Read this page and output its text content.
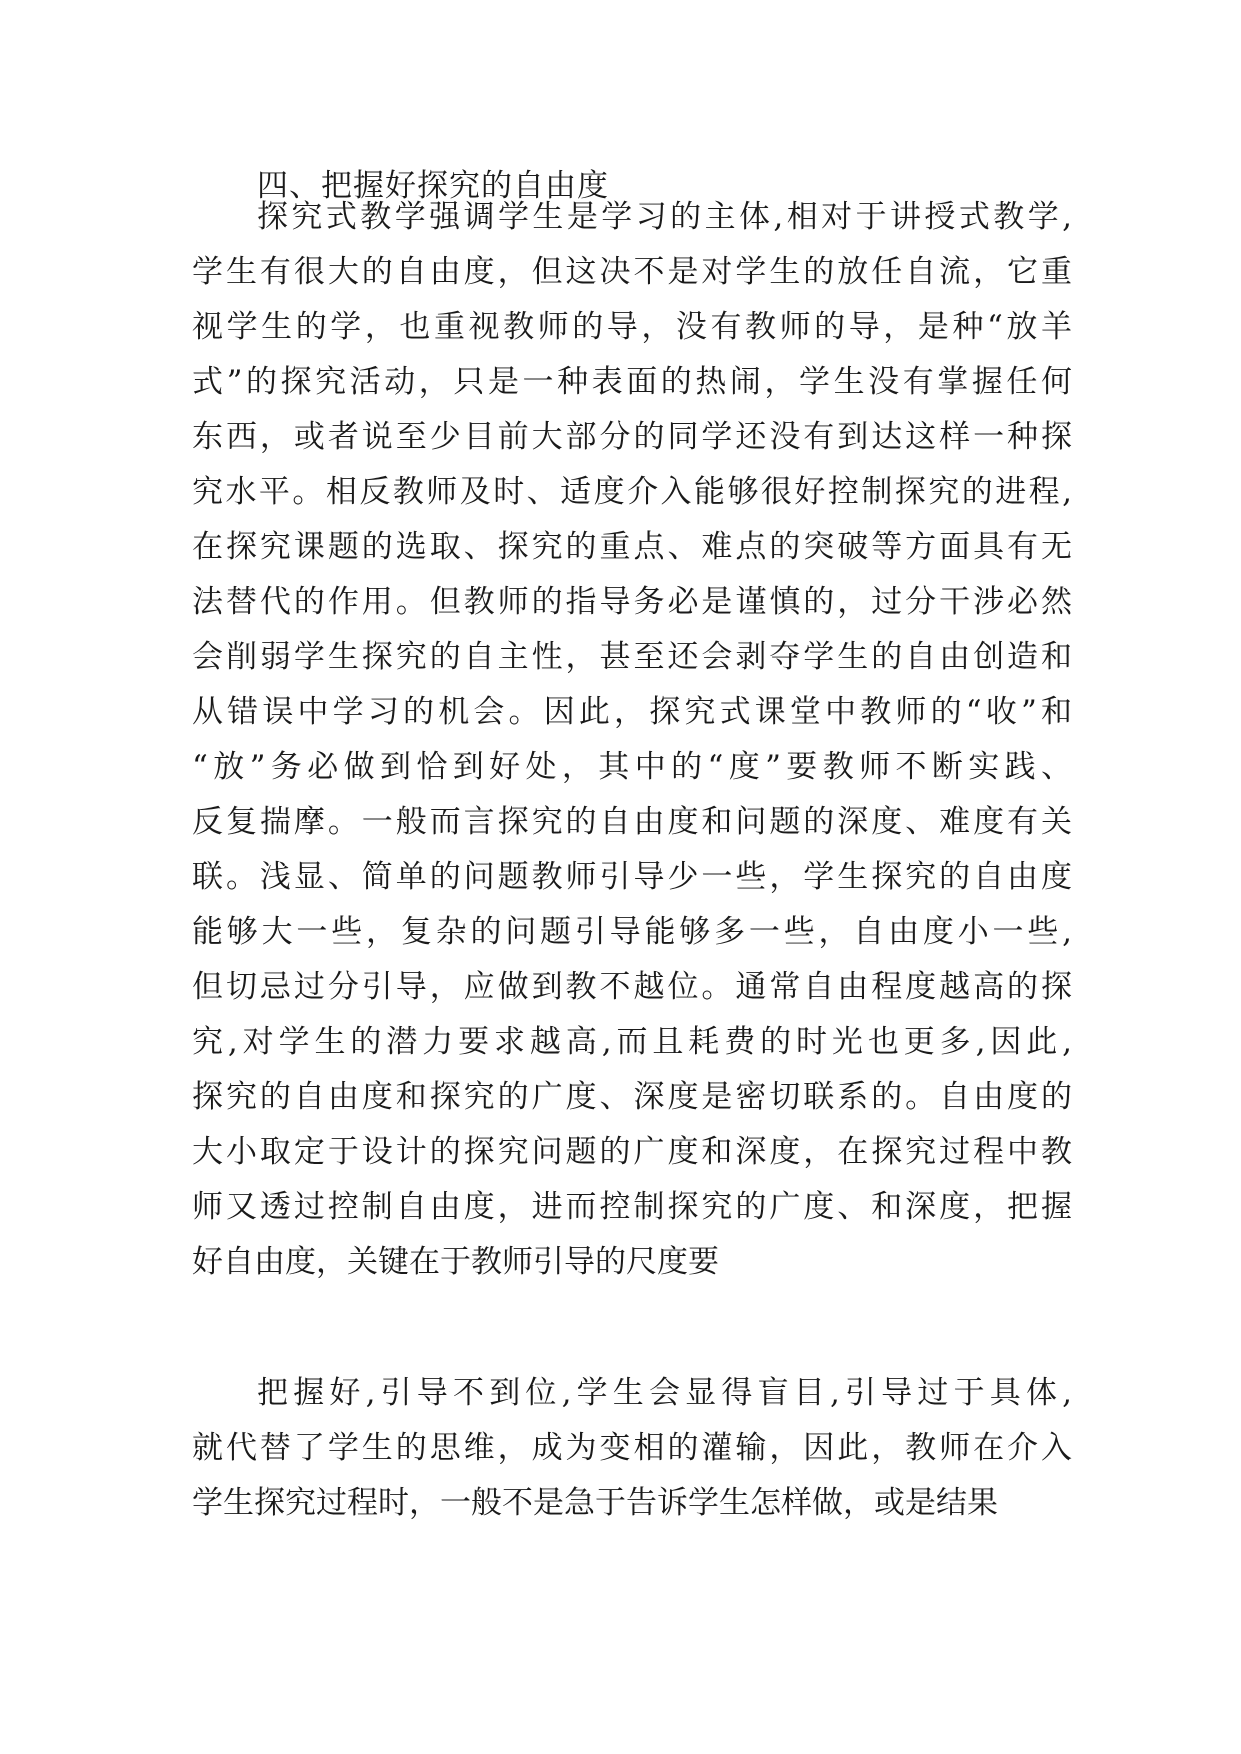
四、把握好探究的自由度
探究式教学强调学生是学习的主体,相对于讲授式教学,
学生有很大的自由度，但这决不是对学生的放任自流，它重
视学生的学，也重视教师的导，没有教师的导，是种“放羊
式”的探究活动，只是一种表面的热闹，学生没有掌握任何
东西，或者说至少目前大部分的同学还没有到达这样一种探
究水平。相反教师及时、适度介入能够很好控制探究的进程,
在探究课题的选取、探究的重点、难点的突破等方面具有无
法替代的作用。但教师的指导务必是谨慎的，过分干涉必然
会削弱学生探究的自主性，甚至还会剥夺学生的自由创造和
从错误中学习的机会。因此，探究式课堂中教师的“收”和
“放”务必做到恰到好处，其中的“度”要教师不断实践、
反复揣摩。一般而言探究的自由度和问题的深度、难度有关
联。浅显、简单的问题教师引导少一些，学生探究的自由度
能够大一些，复杂的问题引导能够多一些，自由度小一些,
但切忌过分引导，应做到教不越位。通常自由程度越高的探
究,对学生的潜力要求越高,而且耗费的时光也更多,因此,
探究的自由度和探究的广度、深度是密切联系的。自由度的
大小取定于设计的探究问题的广度和深度，在探究过程中教
师又透过控制自由度，进而控制探究的广度、和深度，把握
好自由度，关键在于教师引导的尺度要
把握好,引导不到位,学生会显得盲目,引导过于具体,
就代替了学生的思维，成为变相的灌输，因此，教师在介入
学生探究过程时，一般不是急于告诉学生怎样做，或是结果
